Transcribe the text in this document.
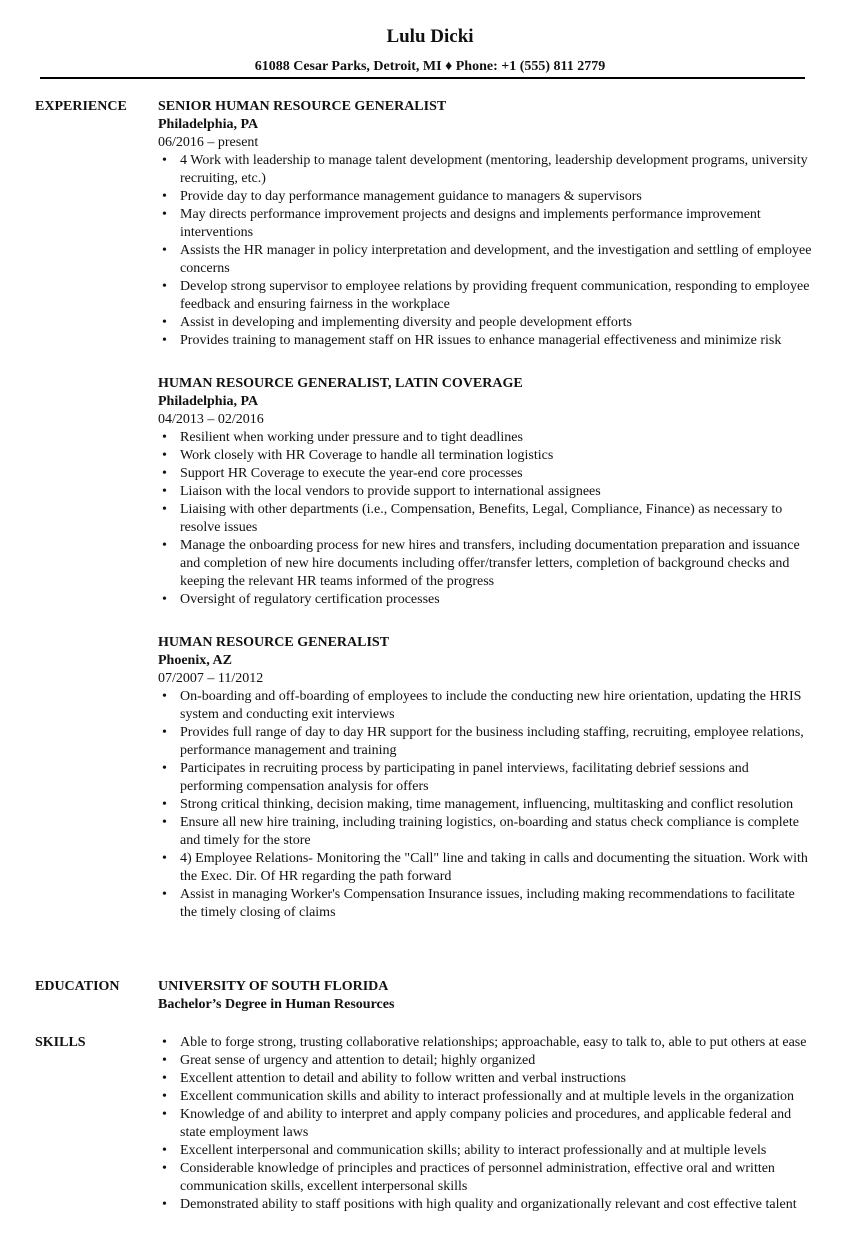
Lulu Dicki
61088 Cesar Parks, Detroit, MI ♦ Phone: +1 (555) 811 2779
EXPERIENCE SENIOR HUMAN RESOURCE GENERALIST
Philadelphia, PA
06/2016 – present
• 4 Work with leadership to manage talent development (mentoring, leadership development programs, university recruiting, etc.)
• Provide day to day performance management guidance to managers & supervisors
• May directs performance improvement projects and designs and implements performance improvement interventions
• Assists the HR manager in policy interpretation and development, and the investigation and settling of employee concerns
• Develop strong supervisor to employee relations by providing frequent communication, responding to employee feedback and ensuring fairness in the workplace
• Assist in developing and implementing diversity and people development efforts
• Provides training to management staff on HR issues to enhance managerial effectiveness and minimize risk
HUMAN RESOURCE GENERALIST, LATIN COVERAGE
Philadelphia, PA
04/2013 – 02/2016
• Resilient when working under pressure and to tight deadlines
• Work closely with HR Coverage to handle all termination logistics
• Support HR Coverage to execute the year-end core processes
• Liaison with the local vendors to provide support to international assignees
• Liaising with other departments (i.e., Compensation, Benefits, Legal, Compliance, Finance) as necessary to resolve issues
• Manage the onboarding process for new hires and transfers, including documentation preparation and issuance and completion of new hire documents including offer/transfer letters, completion of background checks and keeping the relevant HR teams informed of the progress
• Oversight of regulatory certification processes
HUMAN RESOURCE GENERALIST
Phoenix, AZ
07/2007 – 11/2012
• On-boarding and off-boarding of employees to include the conducting new hire orientation, updating the HRIS system and conducting exit interviews
• Provides full range of day to day HR support for the business including staffing, recruiting, employee relations, performance management and training
• Participates in recruiting process by participating in panel interviews, facilitating debrief sessions and performing compensation analysis for offers
• Strong critical thinking, decision making, time management, influencing, multitasking and conflict resolution
• Ensure all new hire training, including training logistics, on-boarding and status check compliance is complete and timely for the store
• 4) Employee Relations- Monitoring the "Call" line and taking in calls and documenting the situation. Work with the Exec. Dir. Of HR regarding the path forward
• Assist in managing Worker's Compensation Insurance issues, including making recommendations to facilitate the timely closing of claims
EDUCATION	UNIVERSITY OF SOUTH FLORIDA
Bachelor’s Degree in Human Resources
SKILLS	• Able to forge strong, trusting collaborative relationships; approachable, easy to talk to, able to put others at ease
• Great sense of urgency and attention to detail; highly organized
• Excellent attention to detail and ability to follow written and verbal instructions
• Excellent communication skills and ability to interact professionally and at multiple levels in the organization
• Knowledge of and ability to interpret and apply company policies and procedures, and applicable federal and state employment laws
• Excellent interpersonal and communication skills; ability to interact professionally and at multiple levels
• Considerable knowledge of principles and practices of personnel administration, effective oral and written communication skills, excellent interpersonal skills
• Demonstrated ability to staff positions with high quality and organizationally relevant and cost effective talent
